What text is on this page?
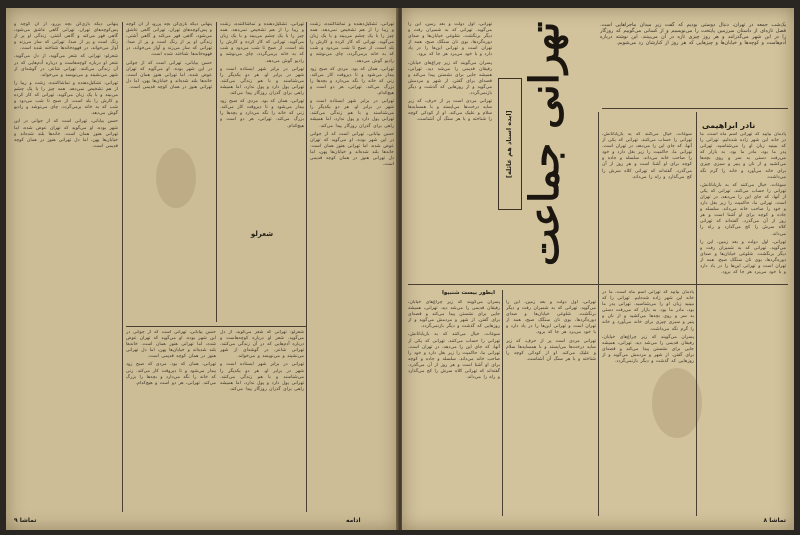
تهرانی، تشکیل‌دهنده و تماشاکننده، زشت و زیبا را از هم تشخیص نمی‌دهد. همه چیز را با یک چشم می‌بیند و با یک زبان می‌گوید. تهرانی که کار کرده و کارش را بلد است، از صبح تا شب می‌دود و شب که به خانه برمی‌گردد، چای می‌نوشد و رادیو گوش می‌دهد.

تهرانی، همان که بود. مردی که صبح زود بیدار می‌شود و تا دیروقت کار می‌کند. زنی که خانه را نگه می‌دارد و بچه‌ها را بزرگ می‌کند. تهرانی، هر دو است و هیچ‌کدام.

تهرانی در برابر شهر ایستاده است و شهر در برابر او. هر دو یکدیگر را می‌شناسند و با هم زندگی می‌کنند. تهرانی پول دارد و پول ندارد، اما همیشه راهی برای گذران روزگار پیدا می‌کند.

حسن بیابانی، تهرانی است که از جوانی در این شهر بوده. او می‌گوید که تهران عوض شده، اما تهرانی هنوز همان است. خانه‌ها بلند شده‌اند و خیابان‌ها پهن، اما دل تهرانی هنوز در همان کوچه قدیمی است.

تهرانی، تشکیل‌دهنده و تماشاکننده، زشت و زیبا را از هم تشخیص نمی‌دهد. همه چیز را با یک چشم می‌بیند و با یک زبان می‌گوید. تهرانی که کار کرده و کارش را بلد است، از صبح تا شب می‌دود و شب که به خانه برمی‌گردد، چای می‌نوشد و رادیو گوش می‌دهد.

تهرانی در برابر شهر ایستاده است و شهر در برابر او. هر دو یکدیگر را می‌شناسند و با هم زندگی می‌کنند. تهرانی پول دارد و پول ندارد، اما همیشه راهی برای گذران روزگار پیدا می‌کند.

تهرانی، همان که بود. مردی که صبح زود بیدار می‌شود و تا دیروقت کار می‌کند. زنی که خانه را نگه می‌دارد و بچه‌ها را بزرگ می‌کند. تهرانی، هر دو است و هیچ‌کدام.

پنهانی دیگه بازی‌کن بچه پررو، از آن کوچه و پس‌کوچه‌های تهران. تهرانی گاهی عاشق می‌شود، گاهی قهر می‌کند و گاهی آشتی. زندگی او پر از رنگ است و پر از صدا. تهرانی که ساز می‌زند و آواز می‌خواند، در قهوه‌خانه‌ها شناخته شده است.

حسن بیابانی، تهرانی است که از جوانی در این شهر بوده. او می‌گوید که تهران عوض شده، اما تهرانی هنوز همان است. خانه‌ها بلند شده‌اند و خیابان‌ها پهن، اما دل تهرانی هنوز در همان کوچه قدیمی است.

شعرلو

شعرلو: تهرانی که شعر می‌گوید، از دل می‌گوید. شعر او درباره کوچه‌هاست و درباره آدم‌هایی که در آن زندگی می‌کنند. تهرانی شاعر، در گوشه‌ای از شهر می‌نشیند و می‌نویسد و می‌خواند.

تهرانی در برابر شهر ایستاده است و شهر در برابر او. هر دو یکدیگر را می‌شناسند و با هم زندگی می‌کنند. تهرانی پول دارد و پول ندارد، اما همیشه راهی برای گذران روزگار پیدا می‌کند.

حسن بیابانی، تهرانی است که از جوانی در این شهر بوده. او می‌گوید که تهران عوض شده، اما تهرانی هنوز همان است. خانه‌ها بلند شده‌اند و خیابان‌ها پهن، اما دل تهرانی هنوز در همان کوچه قدیمی است.

تهرانی، همان که بود. مردی که صبح زود بیدار می‌شود و تا دیروقت کار می‌کند. زنی که خانه را نگه می‌دارد و بچه‌ها را بزرگ می‌کند. تهرانی، هر دو است و هیچ‌کدام.

پنهانی دیگه بازی‌کن بچه پررو، از آن کوچه و پس‌کوچه‌های تهران. تهرانی گاهی عاشق می‌شود، گاهی قهر می‌کند و گاهی آشتی. زندگی او پر از رنگ است و پر از صدا. تهرانی که ساز می‌زند و آواز می‌خواند، در قهوه‌خانه‌ها شناخته شده است.

شعرلو: تهرانی که شعر می‌گوید، از دل می‌گوید. شعر او درباره کوچه‌هاست و درباره آدم‌هایی که در آن زندگی می‌کنند. تهرانی شاعر، در گوشه‌ای از شهر می‌نشیند و می‌نویسد و می‌خواند.

تهرانی، تشکیل‌دهنده و تماشاکننده، زشت و زیبا را از هم تشخیص نمی‌دهد. همه چیز را با یک چشم می‌بیند و با یک زبان می‌گوید. تهرانی که کار کرده و کارش را بلد است، از صبح تا شب می‌دود و شب که به خانه برمی‌گردد، چای می‌نوشد و رادیو گوش می‌دهد.

حسن بیابانی، تهرانی است که از جوانی در این شهر بوده. او می‌گوید که تهران عوض شده، اما تهرانی هنوز همان است. خانه‌ها بلند شده‌اند و خیابان‌ها پهن، اما دل تهرانی هنوز در همان کوچه قدیمی است.

تماشا ۹	ادامه

یک‌شب جمعه در تهران، دنبال دوستی بودیم که گفت زیر میدان ماجراهایی است. فصل تازه‌ای از داستان سرزمین پایتخت را می‌نویسیم و از کسانی می‌گوییم که روزگار را در این شهر می‌گذرانند و هر روز چیزی تازه در آن می‌بینند. این نوشته درباره آدم‌هاست و کوچه‌ها و خیابان‌ها و چیزهایی که هر روز از کنارشان رد می‌شویم.

نادر ابراهیمی
تهرانی جماعت
[ایده استاد هم عائله]

تهرانی، اول دولت و بعد زمین، این را می‌گوید. تهرانی که به شمیران رفت و دیگر برنگشت. شلوغی خیابان‌ها و صدای دوره‌گردها، بوی نان سنگک صبح، همه از تهران است و تهرانی این‌ها را در یاد دارد و با خود می‌برد هر جا که برود.

پسران می‌گویند که زیر چراغ‌های خیابان، رفیقان قدیمی را می‌شد دید. تهرانی، همیشه جایی برای نشستن پیدا می‌کند و قصه‌ای برای گفتن. از شهر و مردمش می‌گوید و از روزهایی که گذشت و دیگر بازنمی‌گردد.

تهرانی مردی است پر از حرف، که زیر سایه درخت‌ها می‌ایستد و با همسایه‌ها سلام و علیک می‌کند. او از کودکی کوچه را شناخته و با هر سنگ آن آشناست.

سوغات، خیال می‌کنند که به بازیابانانش، تهرانی را حساب می‌کنند. تهرانی که یکی از آنها، که جای این را می‌دهد، در تهران است. تهرانی ما، حاکمیت را زیر بغل دارد و خود را صاحب خانه می‌داند. سلسله و جاده و کوچه برای او آشنا است و هر روز از آن می‌گذرد. گفته‌اند که تهرانی کلاه سرش را کج می‌گذارد و راه را می‌داند.

ابطور بیست شنبیوا

یادمان بیایید که تهرانی اسم ماه است، ما در خانه این شهر زاده شده‌ایم. تهرانی را که ببینید زبان او را می‌شناسید. تهرانی پدر ما بود، مادر ما بود. به بازار که می‌رفت دستی به سر و روی بچه‌ها می‌کشید و از نان و پنیر و سبزی چیزی برای خانه می‌آورد و خانه را گرم نگه می‌داشت.

سوغات، خیال می‌کنند که به بازیابانانش، تهرانی را حساب می‌کنند. تهرانی که یکی از آنها، که جای این را می‌دهد، در تهران است. تهرانی ما، حاکمیت را زیر بغل دارد و خود را صاحب خانه می‌داند. سلسله و جاده و کوچه برای او آشنا است و هر روز از آن می‌گذرد. گفته‌اند که تهرانی کلاه سرش را کج می‌گذارد و راه را می‌داند.

تهرانی، اول دولت و بعد زمین، این را می‌گوید. تهرانی که به شمیران رفت و دیگر برنگشت. شلوغی خیابان‌ها و صدای دوره‌گردها، بوی نان سنگک صبح، همه از تهران است و تهرانی این‌ها را در یاد دارد و با خود می‌برد هر جا که برود.

یادمان بیایید که تهرانی اسم ماه است، ما در خانه این شهر زاده شده‌ایم. تهرانی را که ببینید زبان او را می‌شناسید. تهرانی پدر ما بود، مادر ما بود. به بازار که می‌رفت دستی به سر و روی بچه‌ها می‌کشید و از نان و پنیر و سبزی چیزی برای خانه می‌آورد و خانه را گرم نگه می‌داشت.

پسران می‌گویند که زیر چراغ‌های خیابان، رفیقان قدیمی را می‌شد دید. تهرانی، همیشه جایی برای نشستن پیدا می‌کند و قصه‌ای برای گفتن. از شهر و مردمش می‌گوید و از روزهایی که گذشت و دیگر بازنمی‌گردد.

تهرانی، اول دولت و بعد زمین، این را می‌گوید. تهرانی که به شمیران رفت و دیگر برنگشت. شلوغی خیابان‌ها و صدای دوره‌گردها، بوی نان سنگک صبح، همه از تهران است و تهرانی این‌ها را در یاد دارد و با خود می‌برد هر جا که برود.

تهرانی مردی است پر از حرف، که زیر سایه درخت‌ها می‌ایستد و با همسایه‌ها سلام و علیک می‌کند. او از کودکی کوچه را شناخته و با هر سنگ آن آشناست.

پسران می‌گویند که زیر چراغ‌های خیابان، رفیقان قدیمی را می‌شد دید. تهرانی، همیشه جایی برای نشستن پیدا می‌کند و قصه‌ای برای گفتن. از شهر و مردمش می‌گوید و از روزهایی که گذشت و دیگر بازنمی‌گردد.

سوغات، خیال می‌کنند که به بازیابانانش، تهرانی را حساب می‌کنند. تهرانی که یکی از آنها، که جای این را می‌دهد، در تهران است. تهرانی ما، حاکمیت را زیر بغل دارد و خود را صاحب خانه می‌داند. سلسله و جاده و کوچه برای او آشنا است و هر روز از آن می‌گذرد. گفته‌اند که تهرانی کلاه سرش را کج می‌گذارد و راه را می‌داند.

تماشا ۸
